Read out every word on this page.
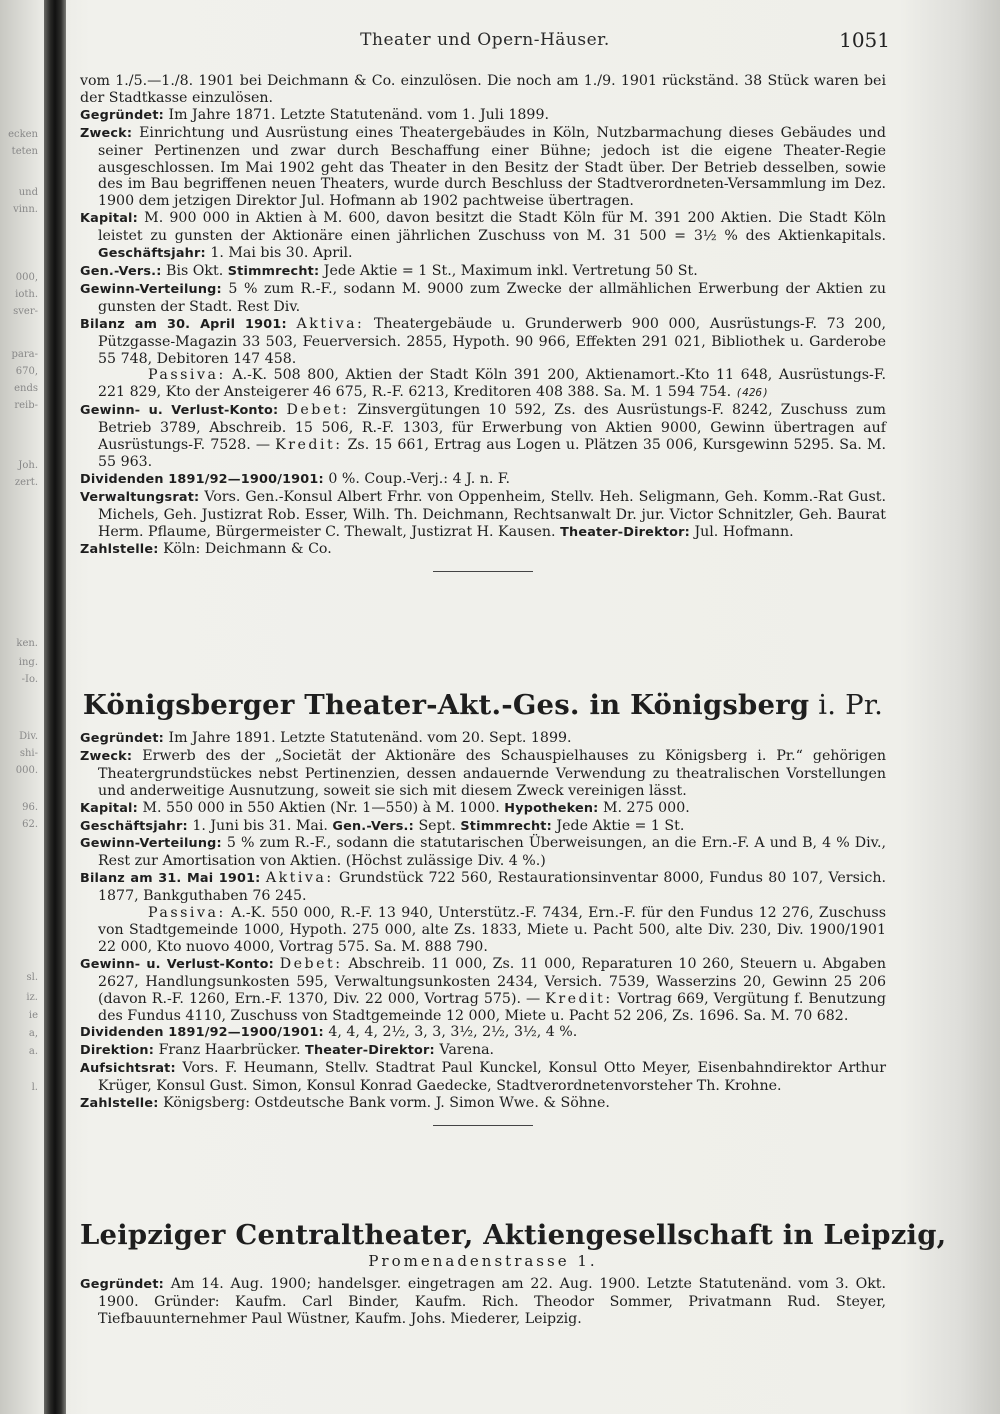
ecken
teten
und
vinn.
000,
ioth.
sver-
para-
670,
ends
reib-
Joh.
zert.
ken.
ing.
-Io.
Div.
shi-
000.
96.
62.
sl.
iz.
ie
a,
a.
l.
Theater und Opern-Häuser.	1051

vom 1./5.—1./8. 1901 bei Deichmann & Co. einzulösen. Die noch am 1./9. 1901 rückständ. 38 Stück waren bei der Stadtkasse einzulösen.

Gegründet: Im Jahre 1871. Letzte Statutenänd. vom 1. Juli 1899.

Zweck: Einrichtung und Ausrüstung eines Theatergebäudes in Köln, Nutzbarmachung dieses Gebäudes und seiner Pertinenzen und zwar durch Beschaffung einer Bühne; jedoch ist die eigene Theater-Regie ausgeschlossen. Im Mai 1902 geht das Theater in den Besitz der Stadt über. Der Betrieb desselben, sowie des im Bau begriffenen neuen Theaters, wurde durch Beschluss der Stadtverordneten-Versammlung im Dez. 1900 dem jetzigen Direktor Jul. Hofmann ab 1902 pachtweise übertragen.

Kapital: M. 900 000 in Aktien à M. 600, davon besitzt die Stadt Köln für M. 391 200 Aktien. Die Stadt Köln leistet zu gunsten der Aktionäre einen jährlichen Zuschuss von M. 31 500 = 3½ % des Aktienkapitals. Geschäftsjahr: 1. Mai bis 30. April.

Gen.-Vers.: Bis Okt. Stimmrecht: Jede Aktie = 1 St., Maximum inkl. Vertretung 50 St.

Gewinn-Verteilung: 5 % zum R.-F., sodann M. 9000 zum Zwecke der allmählichen Erwerbung der Aktien zu gunsten der Stadt. Rest Div.

Bilanz am 30. April 1901: Aktiva: Theatergebäude u. Grunderwerb 900 000, Ausrüstungs-F. 73 200, Pützgasse-Magazin 33 503, Feuerversich. 2855, Hypoth. 90 966, Effekten 291 021, Bibliothek u. Garderobe 55 748, Debitoren 147 458.

Passiva: A.-K. 508 800, Aktien der Stadt Köln 391 200, Aktienamort.-Kto 11 648, Ausrüstungs-F. 221 829, Kto der Ansteigerer 46 675, R.-F. 6213, Kreditoren 408 388. Sa. M. 1 594 754. (426)

Gewinn- u. Verlust-Konto: Debet: Zinsvergütungen 10 592, Zs. des Ausrüstungs-F. 8242, Zuschuss zum Betrieb 3789, Abschreib. 15 506, R.-F. 1303, für Erwerbung von Aktien 9000, Gewinn übertragen auf Ausrüstungs-F. 7528. — Kredit: Zs. 15 661, Ertrag aus Logen u. Plätzen 35 006, Kursgewinn 5295. Sa. M. 55 963.

Dividenden 1891/92—1900/1901: 0 %. Coup.-Verj.: 4 J. n. F.

Verwaltungsrat: Vors. Gen.-Konsul Albert Frhr. von Oppenheim, Stellv. Heh. Seligmann, Geh. Komm.-Rat Gust. Michels, Geh. Justizrat Rob. Esser, Wilh. Th. Deichmann, Rechtsanwalt Dr. jur. Victor Schnitzler, Geh. Baurat Herm. Pflaume, Bürgermeister C. Thewalt, Justizrat H. Kausen. Theater-Direktor: Jul. Hofmann.

Zahlstelle: Köln: Deichmann & Co.

Königsberger Theater-Akt.-Ges. in Königsberg i. Pr.

Gegründet: Im Jahre 1891. Letzte Statutenänd. vom 20. Sept. 1899.

Zweck: Erwerb des der „Societät der Aktionäre des Schauspielhauses zu Königsberg i. Pr.“ gehörigen Theatergrundstückes nebst Pertinenzien, dessen andauernde Verwendung zu theatralischen Vorstellungen und anderweitige Ausnutzung, soweit sie sich mit diesem Zweck vereinigen lässt.

Kapital: M. 550 000 in 550 Aktien (Nr. 1—550) à M. 1000. Hypotheken: M. 275 000.

Geschäftsjahr: 1. Juni bis 31. Mai. Gen.-Vers.: Sept. Stimmrecht: Jede Aktie = 1 St.

Gewinn-Verteilung: 5 % zum R.-F., sodann die statutarischen Überweisungen, an die Ern.-F. A und B, 4 % Div., Rest zur Amortisation von Aktien. (Höchst zulässige Div. 4 %.)

Bilanz am 31. Mai 1901: Aktiva: Grundstück 722 560, Restaurationsinventar 8000, Fundus 80 107, Versich. 1877, Bankguthaben 76 245.

Passiva: A.-K. 550 000, R.-F. 13 940, Unterstütz.-F. 7434, Ern.-F. für den Fundus 12 276, Zuschuss von Stadtgemeinde 1000, Hypoth. 275 000, alte Zs. 1833, Miete u. Pacht 500, alte Div. 230, Div. 1900/1901 22 000, Kto nuovo 4000, Vortrag 575. Sa. M. 888 790.

Gewinn- u. Verlust-Konto: Debet: Abschreib. 11 000, Zs. 11 000, Reparaturen 10 260, Steuern u. Abgaben 2627, Handlungsunkosten 595, Verwaltungsunkosten 2434, Versich. 7539, Wasserzins 20, Gewinn 25 206 (davon R.-F. 1260, Ern.-F. 1370, Div. 22 000, Vortrag 575). — Kredit: Vortrag 669, Vergütung f. Benutzung des Fundus 4110, Zuschuss von Stadtgemeinde 12 000, Miete u. Pacht 52 206, Zs. 1696. Sa. M. 70 682.

Dividenden 1891/92—1900/1901: 4, 4, 4, 2½, 3, 3, 3½, 2½, 3½, 4 %.

Direktion: Franz Haarbrücker. Theater-Direktor: Varena.

Aufsichtsrat: Vors. F. Heumann, Stellv. Stadtrat Paul Kunckel, Konsul Otto Meyer, Eisenbahndirektor Arthur Krüger, Konsul Gust. Simon, Konsul Konrad Gaedecke, Stadtverordnetenvorsteher Th. Krohne.

Zahlstelle: Königsberg: Ostdeutsche Bank vorm. J. Simon Wwe. & Söhne.

Leipziger Centraltheater, Aktiengesellschaft in Leipzig,
Promenadenstrasse 1.

Gegründet: Am 14. Aug. 1900; handelsger. eingetragen am 22. Aug. 1900. Letzte Statutenänd. vom 3. Okt. 1900. Gründer: Kaufm. Carl Binder, Kaufm. Rich. Theodor Sommer, Privatmann Rud. Steyer, Tiefbauunternehmer Paul Wüstner, Kaufm. Johs. Miederer, Leipzig.
